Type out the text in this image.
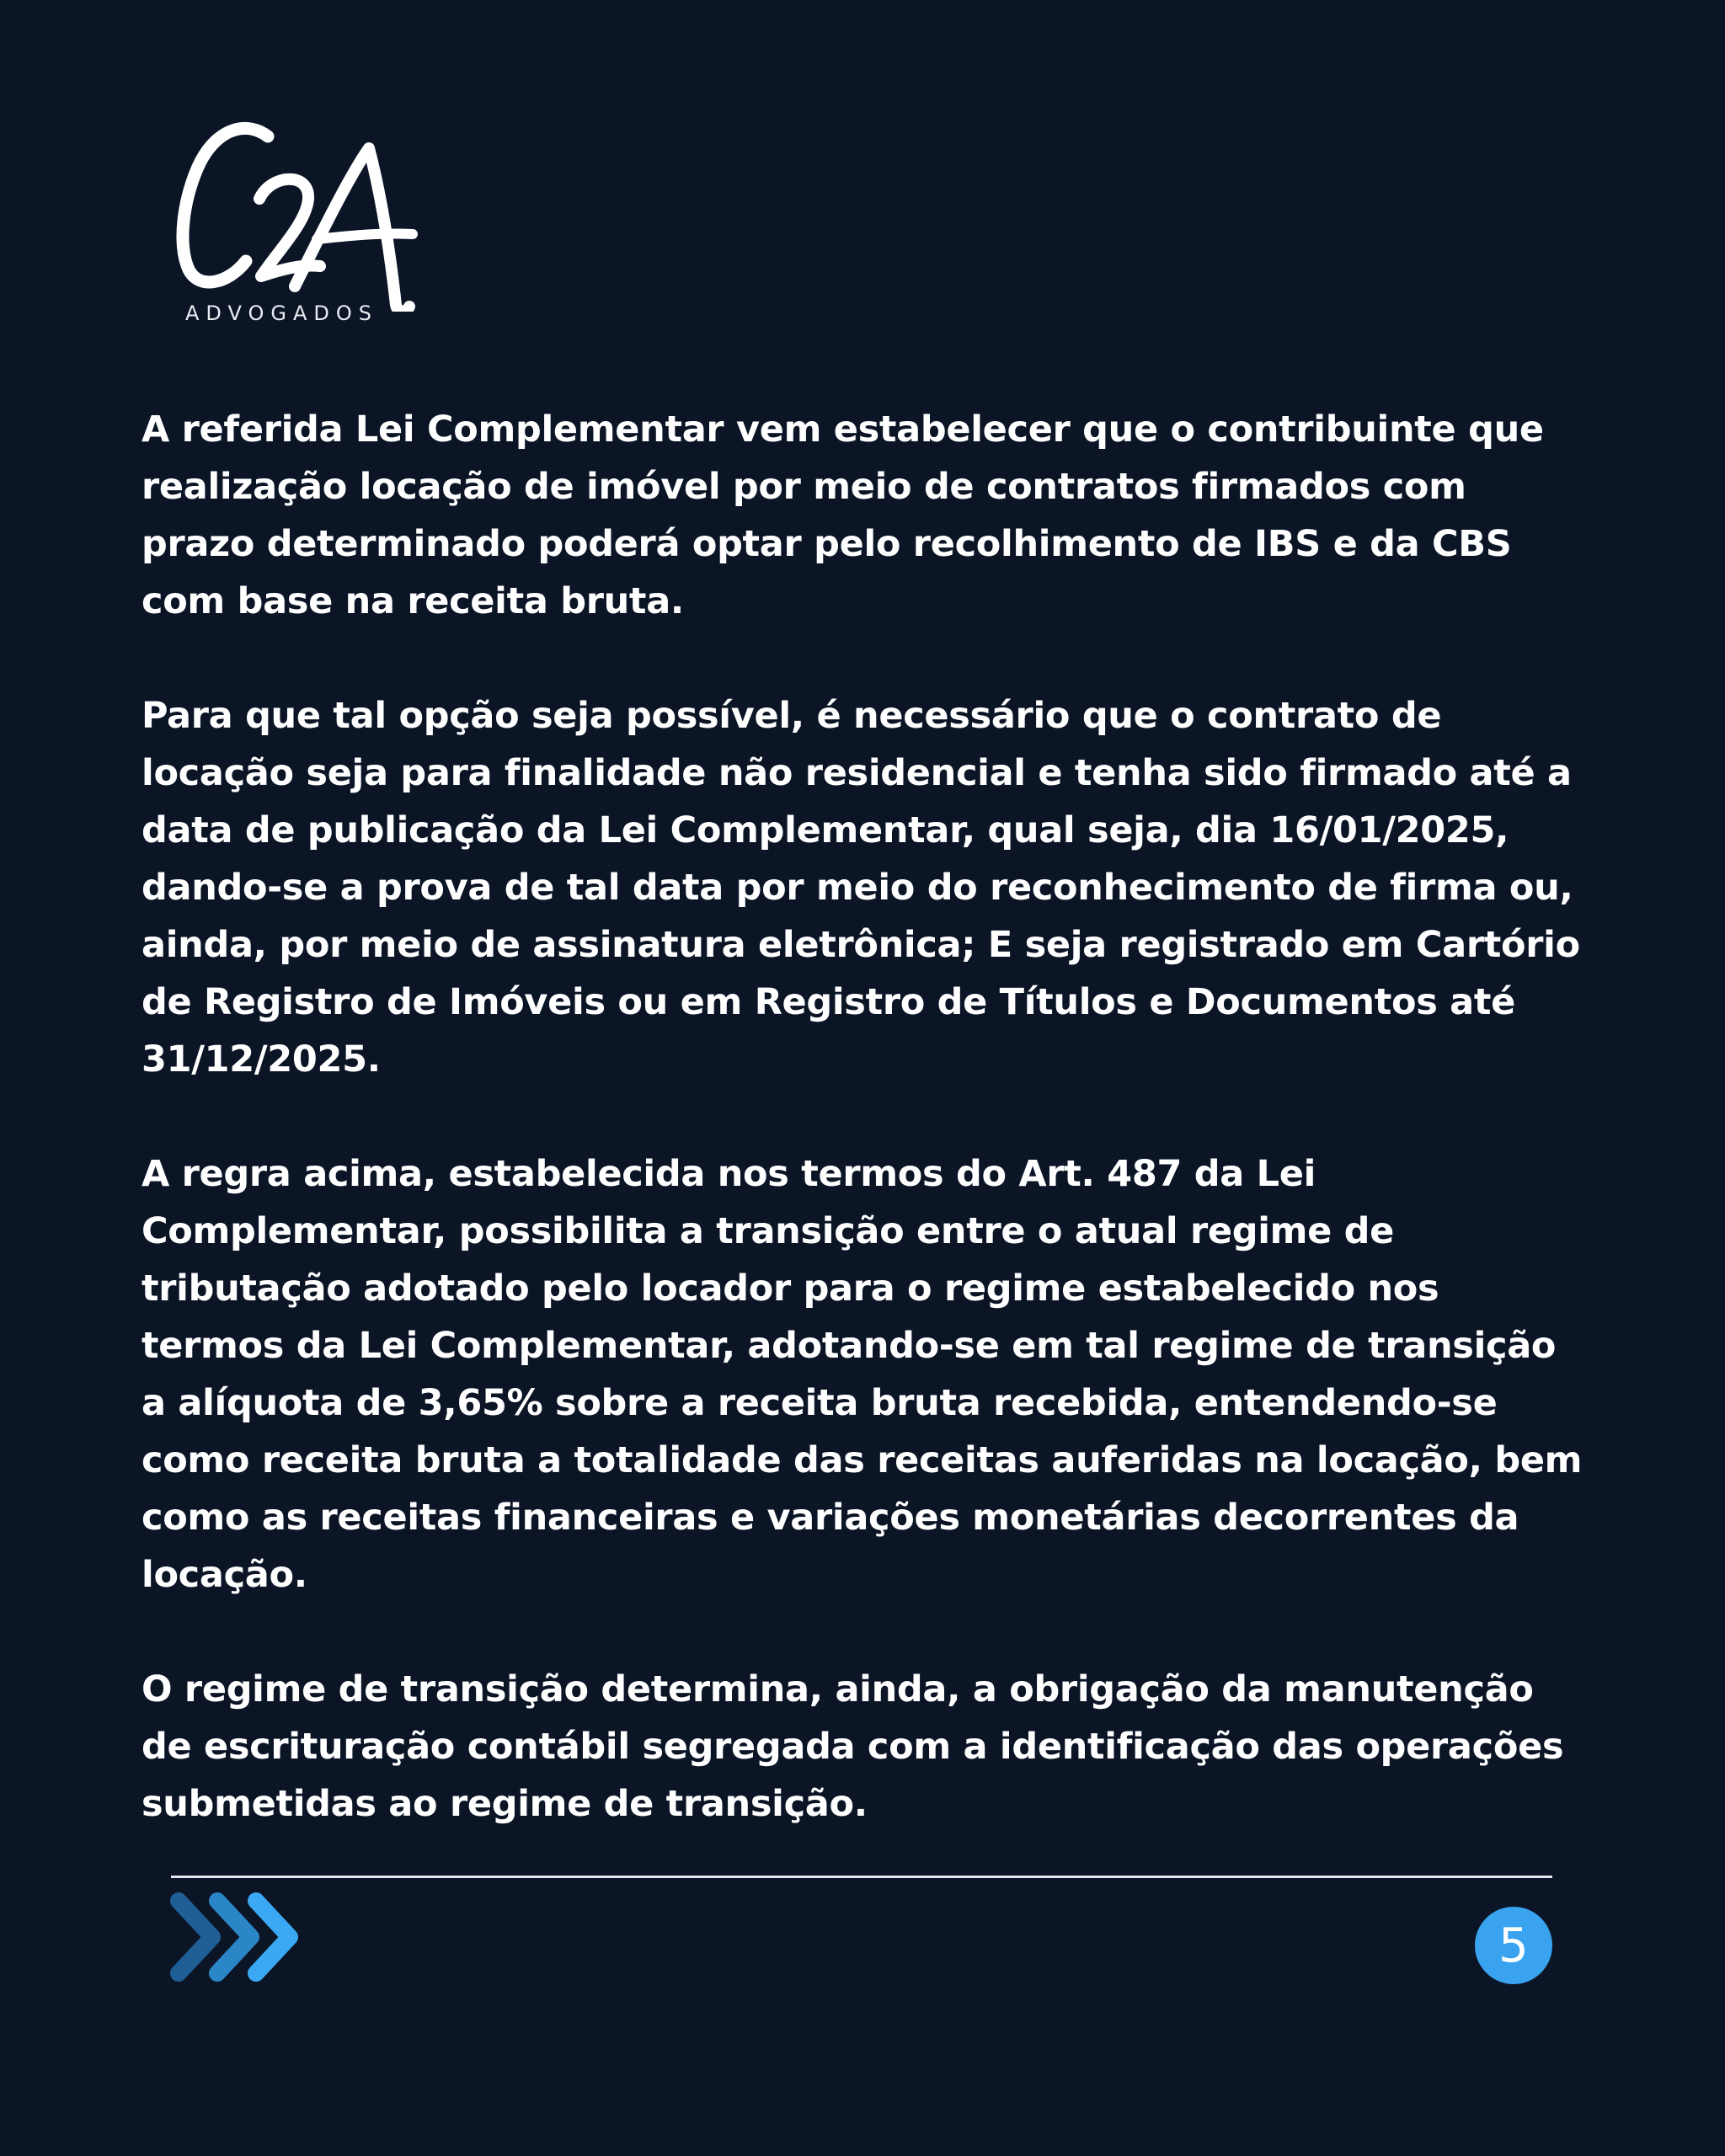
ADVOGADOS

A referida Lei Complementar vem estabelecer que o contribuinte que realização locação de imóvel por meio de contratos firmados com prazo determinado poderá optar pelo recolhimento de IBS e da CBS com base na receita bruta.

Para que tal opção seja possível, é necessário que o contrato de locação seja para finalidade não residencial e tenha sido firmado até a data de publicação da Lei Complementar, qual seja, dia 16/01/2025, dando-se a prova de tal data por meio do reconhecimento de firma ou, ainda, por meio de assinatura eletrônica; E seja registrado em Cartório de Registro de Imóveis ou em Registro de Títulos e Documentos até 31/12/2025.

A regra acima, estabelecida nos termos do Art. 487 da Lei Complementar, possibilita a transição entre o atual regime de tributação adotado pelo locador para o regime estabelecido nos termos da Lei Complementar, adotando-se em tal regime de transição a alíquota de 3,65% sobre a receita bruta recebida, entendendo-se como receita bruta a totalidade das receitas auferidas na locação, bem como as receitas financeiras e variações monetárias decorrentes da locação.

O regime de transição determina, ainda, a obrigação da manutenção de escrituração contábil segregada com a identificação das operações submetidas ao regime de transição.

5
